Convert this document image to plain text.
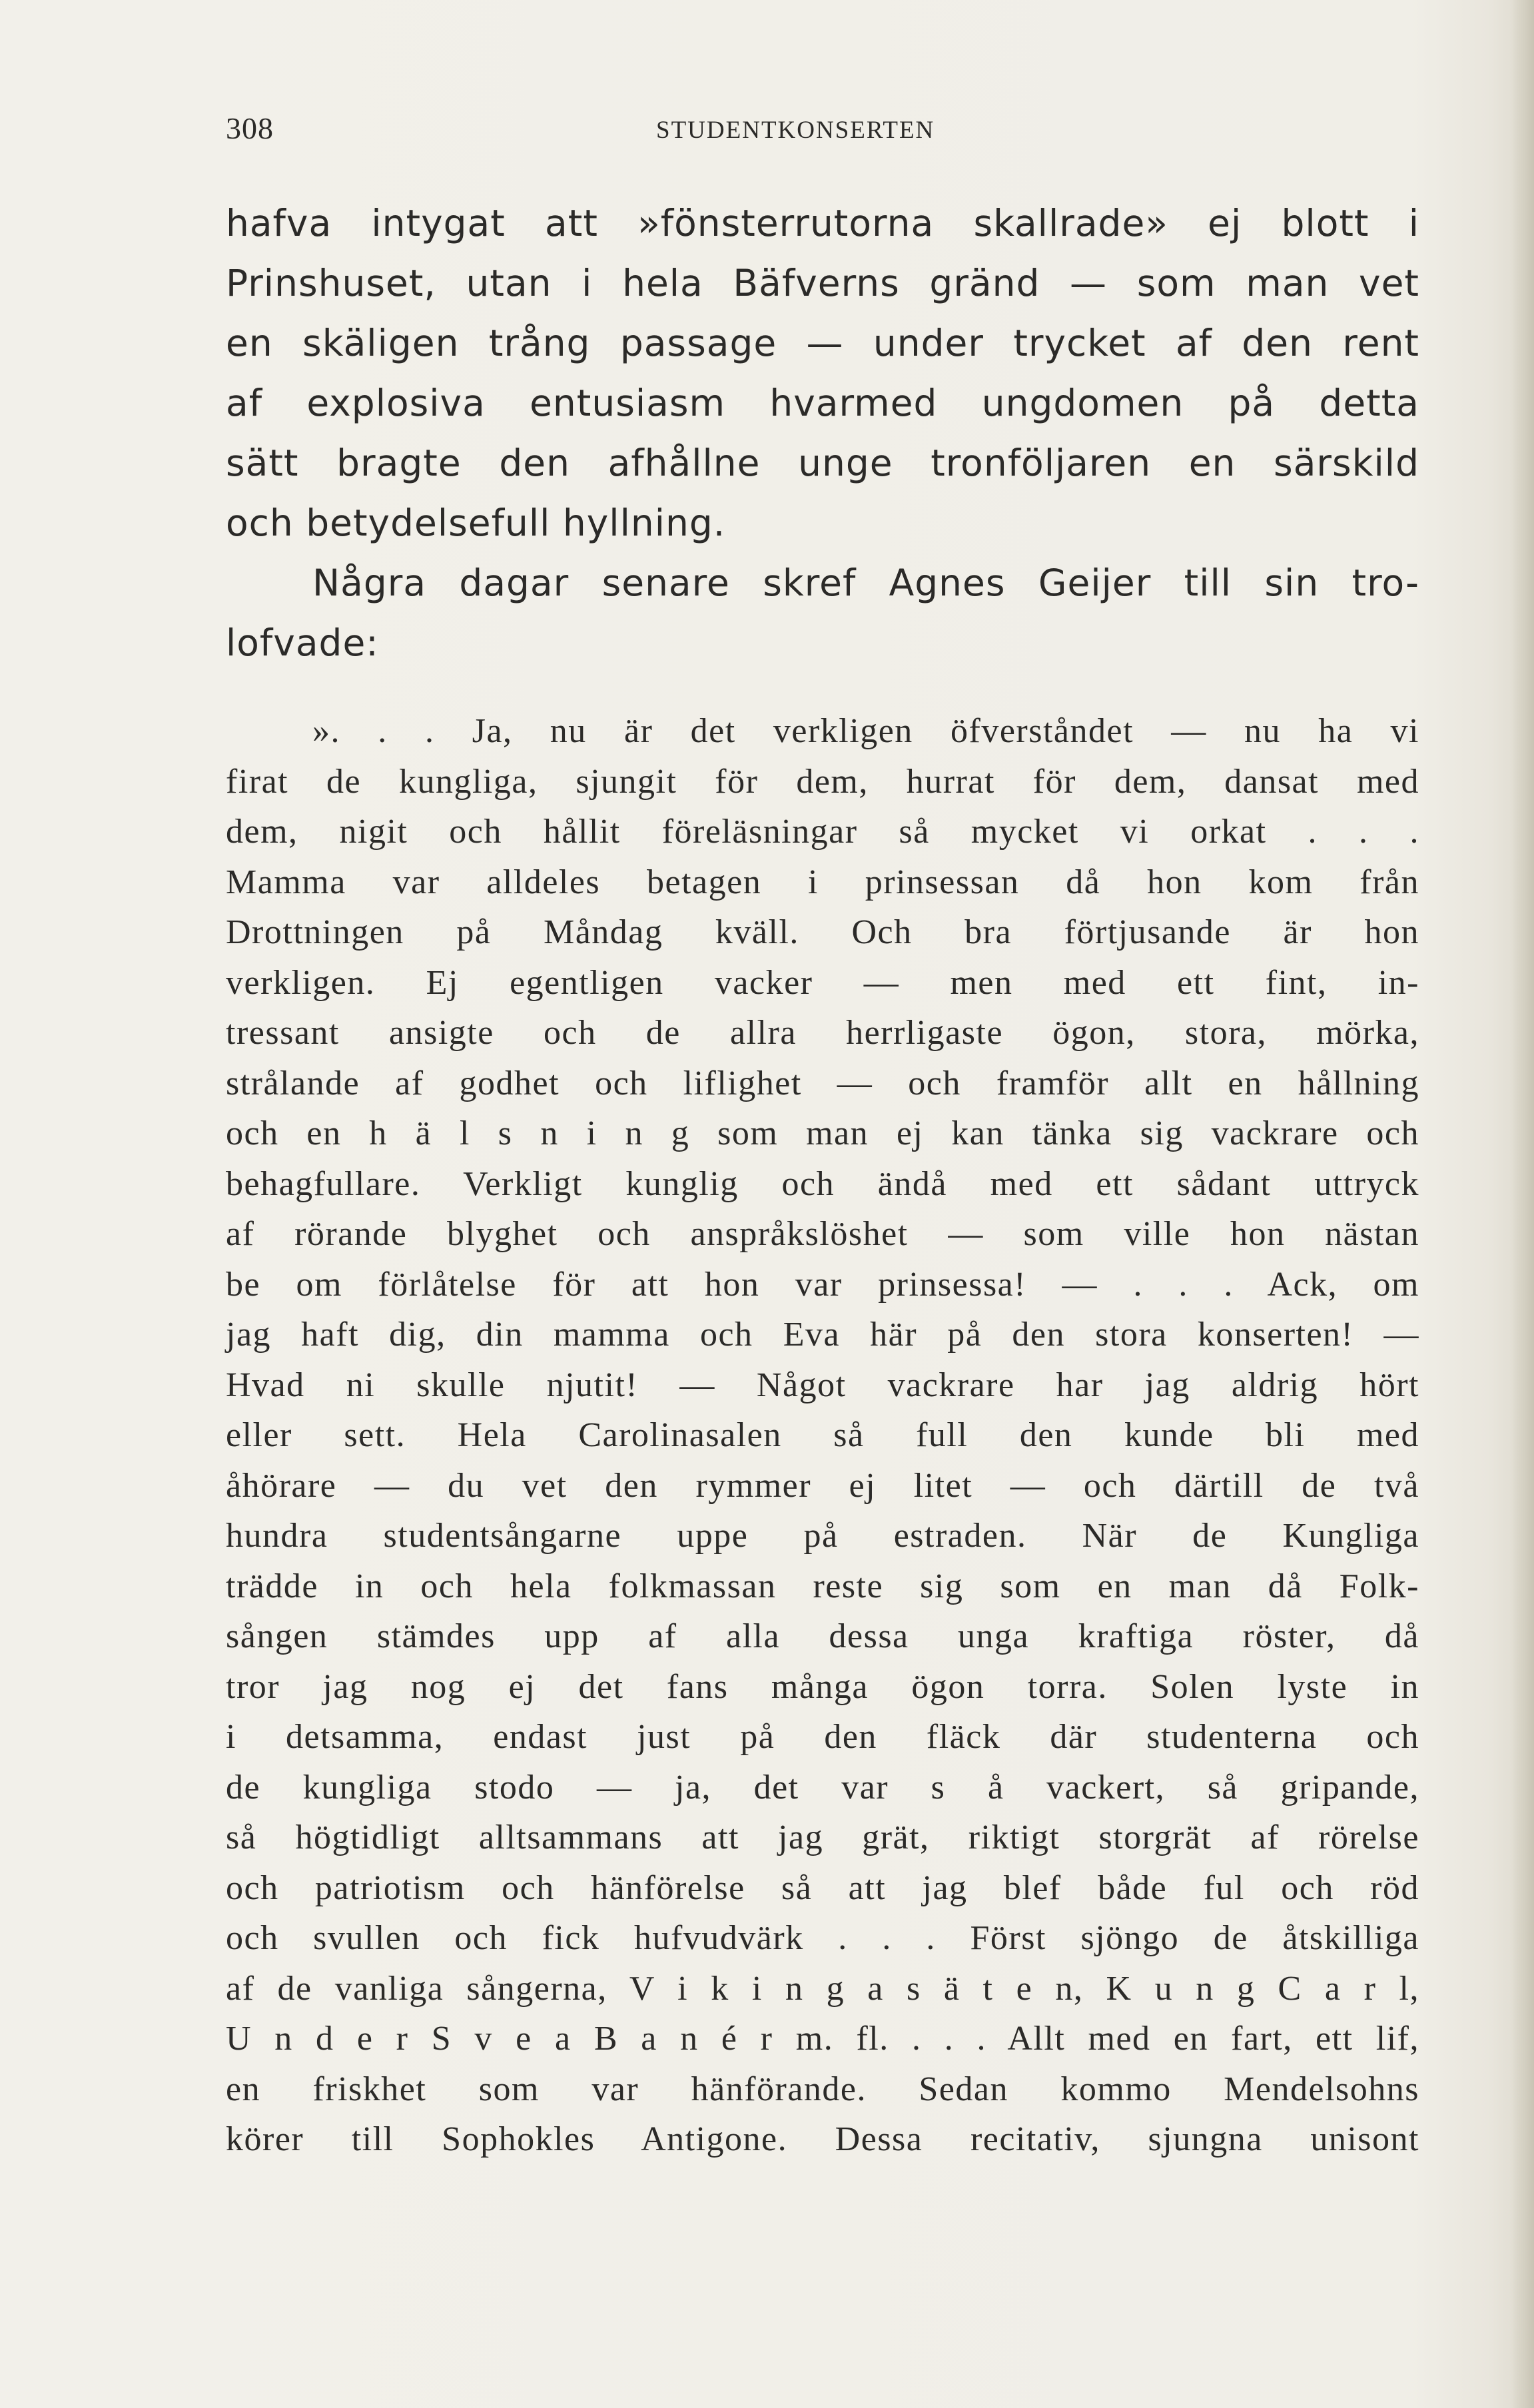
308	STUDENTKONSERTEN
hafva intygat att »fönsterrutorna skallrade» ej blott i
Prinshuset, utan i hela Bäfverns gränd — som man vet
en skäligen trång passage — under trycket af den rent
af explosiva entusiasm hvarmed ungdomen på detta
sätt bragte den afhållne unge tronföljaren en särskild
och betydelsefull hyllning.
Några dagar senare skref Agnes Geijer till sin tro-
lofvade:
». . . Ja, nu är det verkligen öfverståndet — nu ha vi
firat de kungliga, sjungit för dem, hurrat för dem, dansat med
dem, nigit och hållit föreläsningar så mycket vi orkat . . .
Mamma var alldeles betagen i prinsessan då hon kom från
Drottningen på Måndag kväll. Och bra förtjusande är hon
verkligen. Ej egentligen vacker — men med ett fint, in-
tressant ansigte och de allra herrligaste ögon, stora, mörka,
strålande af godhet och liflighet — och framför allt en hållning
och en h ä l s n i n g som man ej kan tänka sig vackrare och
behagfullare. Verkligt kunglig och ändå med ett sådant uttryck
af rörande blyghet och anspråkslöshet — som ville hon nästan
be om förlåtelse för att hon var prinsessa! — . . . Ack, om
jag haft dig, din mamma och Eva här på den stora konserten! —
Hvad ni skulle njutit! — Något vackrare har jag aldrig hört
eller sett. Hela Carolinasalen så full den kunde bli med
åhörare — du vet den rymmer ej litet — och därtill de två
hundra studentsångarne uppe på estraden. När de Kungliga
trädde in och hela folkmassan reste sig som en man då Folk-
sången stämdes upp af alla dessa unga kraftiga röster, då
tror jag nog ej det fans många ögon torra. Solen lyste in
i detsamma, endast just på den fläck där studenterna och
de kungliga stodo — ja, det var s å vackert, så gripande,
så högtidligt alltsammans att jag grät, riktigt storgrät af rörelse
och patriotism och hänförelse så att jag blef både ful och röd
och svullen och fick hufvudvärk . . . Först sjöngo de åtskilliga
af de vanliga sångerna, V i k i n g a s ä t e n, K u n g C a r l,
U n d e r S v e a B a n é r m. fl. . . . Allt med en fart, ett lif,
en friskhet som var hänförande. Sedan kommo Mendelsohns
körer till Sophokles Antigone. Dessa recitativ, sjungna unisont
